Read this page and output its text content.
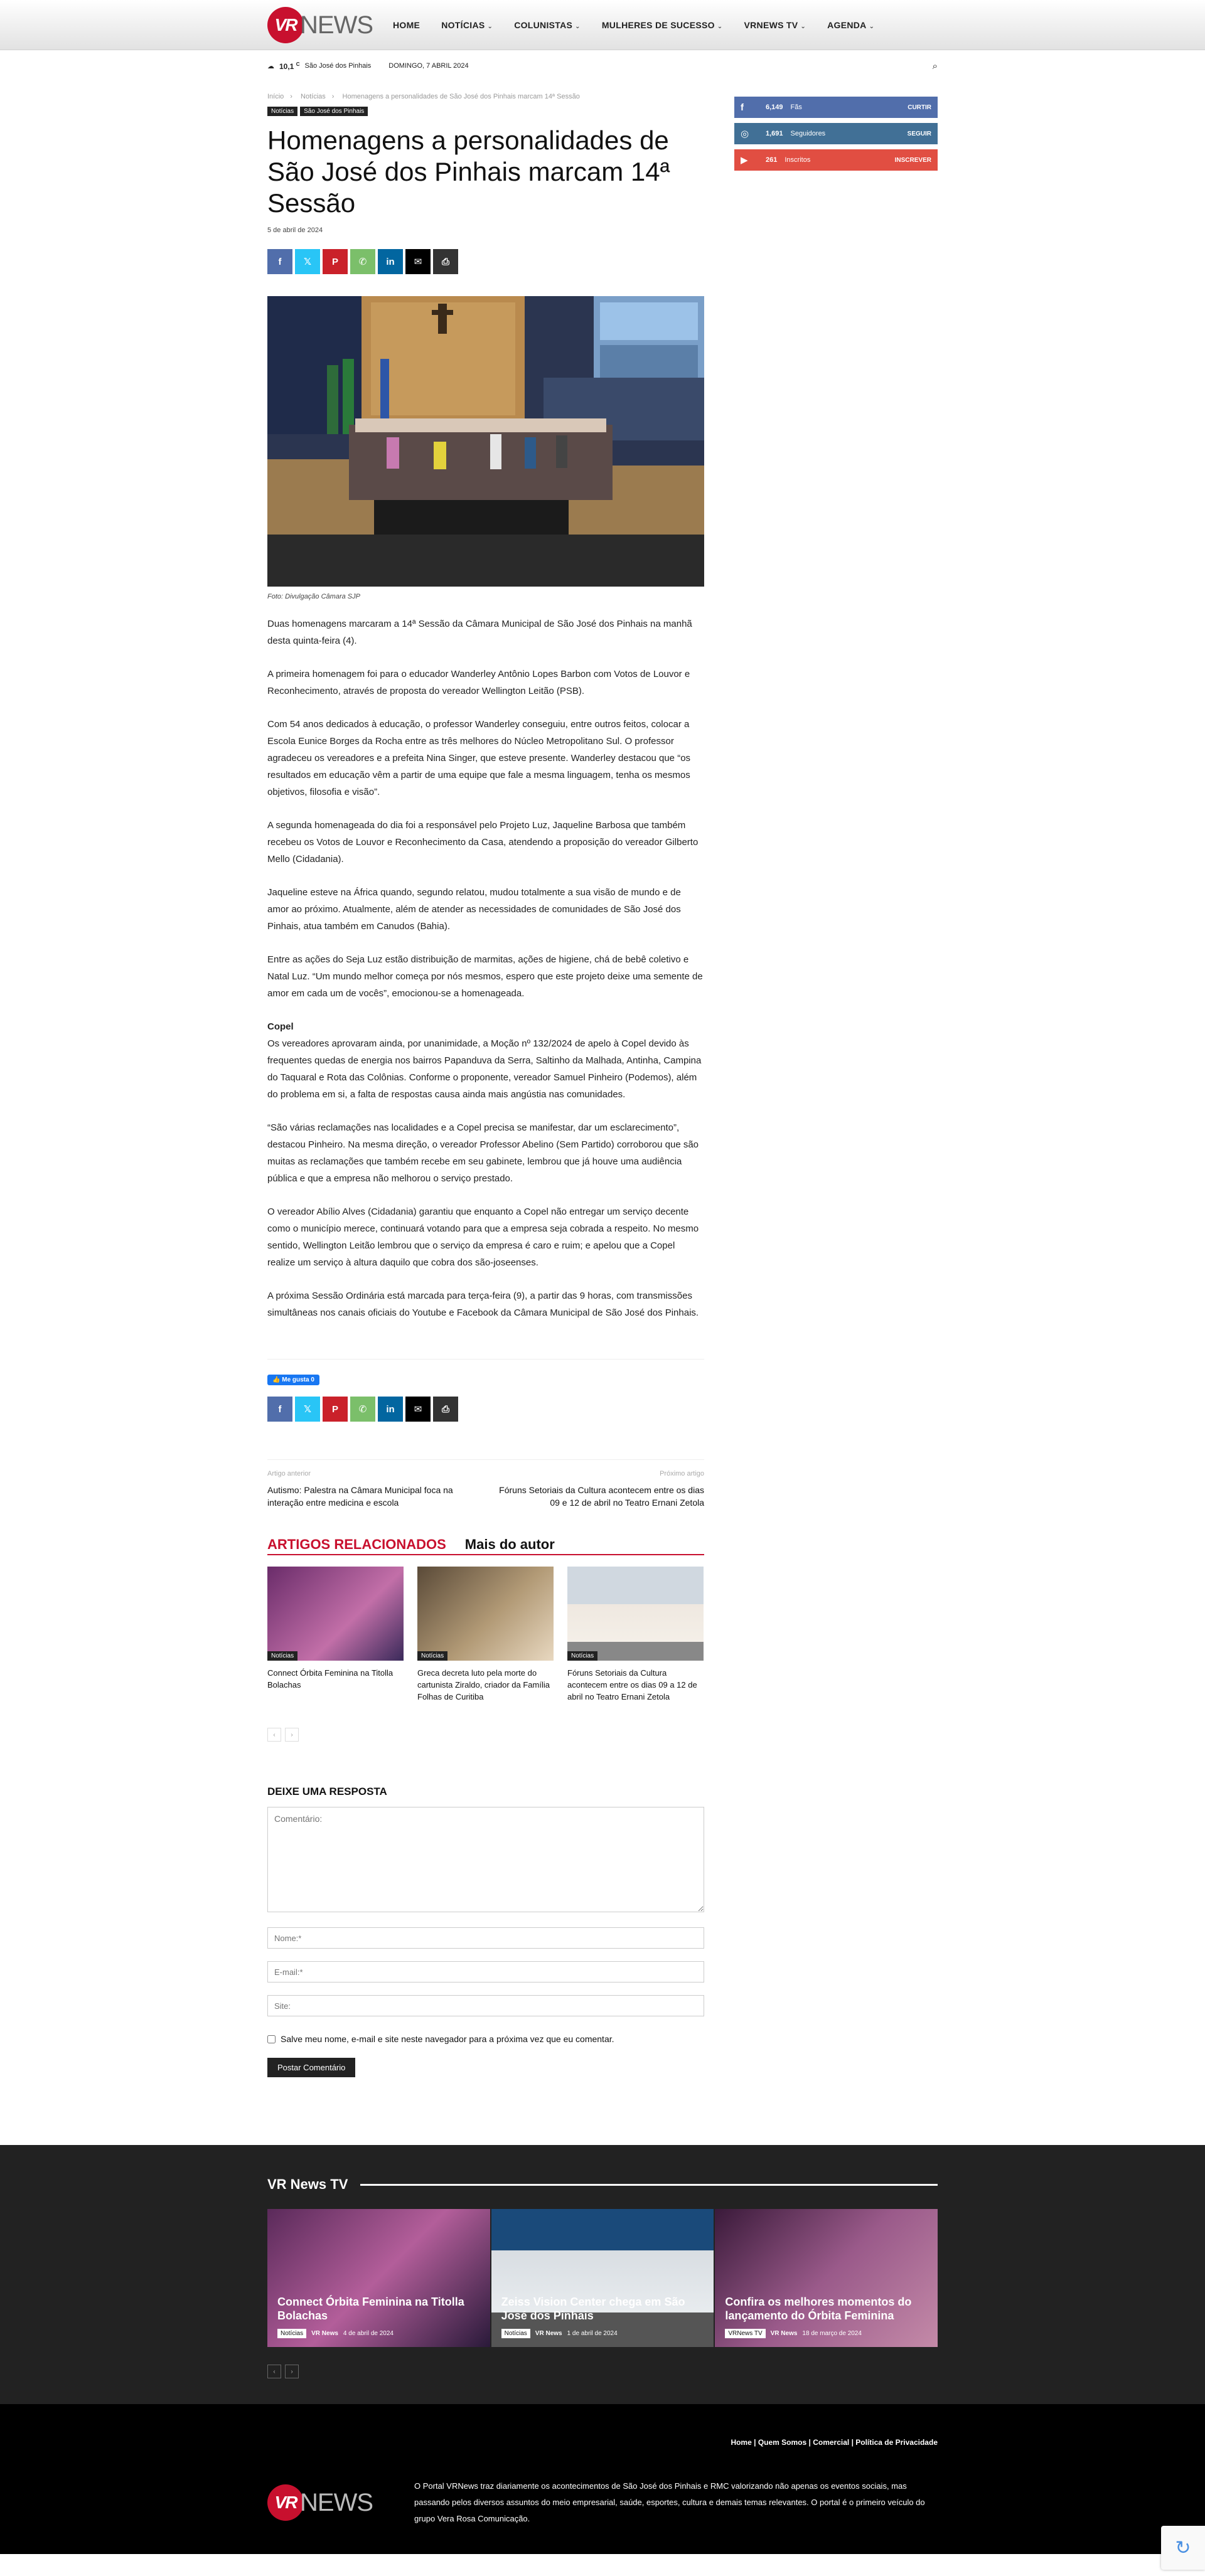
VR NEWS HOME NOTÍCIAS ⌄ COLUNISTAS ⌄ MULHERES DE SUCESSO ⌄ VRNEWS TV ⌄ AGENDA ⌄
☁ 10,1 $^C$ São José dos Pinhais	DOMINGO, 7 ABRIL 2024	⌕
Início › Notícias › Homenagens a personalidades de São José dos Pinhais marcam 14ª Sessão
Notícias	São José dos Pinhais
Homenagens a personalidades de São José dos Pinhais marcam 14ª Sessão
5 de abril de 2024
f	𝕏	P	✆	in	✉	⎙
Foto: Divulgação Câmara SJP

Duas homenagens marcaram a 14ª Sessão da Câmara Municipal de São José dos Pinhais na manhã desta quinta-feira (4).

A primeira homenagem foi para o educador Wanderley Antônio Lopes Barbon com Votos de Louvor e Reconhecimento, através de proposta do vereador Wellington Leitão (PSB).

Com 54 anos dedicados à educação, o professor Wanderley conseguiu, entre outros feitos, colocar a Escola Eunice Borges da Rocha entre as três melhores do Núcleo Metropolitano Sul. O professor agradeceu os vereadores e a prefeita Nina Singer, que esteve presente. Wanderley destacou que “os resultados em educação vêm a partir de uma equipe que fale a mesma linguagem, tenha os mesmos objetivos, filosofia e visão”.

A segunda homenageada do dia foi a responsável pelo Projeto Luz, Jaqueline Barbosa que também recebeu os Votos de Louvor e Reconhecimento da Casa, atendendo a proposição do vereador Gilberto Mello (Cidadania).

Jaqueline esteve na África quando, segundo relatou, mudou totalmente a sua visão de mundo e de amor ao próximo. Atualmente, além de atender as necessidades de comunidades de São José dos Pinhais, atua também em Canudos (Bahia).

Entre as ações do Seja Luz estão distribuição de marmitas, ações de higiene, chá de bebê coletivo e Natal Luz. “Um mundo melhor começa por nós mesmos, espero que este projeto deixe uma semente de amor em cada um de vocês”, emocionou-se a homenageada.

Copel

Os vereadores aprovaram ainda, por unanimidade, a Moção nº 132/2024 de apelo à Copel devido às frequentes quedas de energia nos bairros Papanduva da Serra, Saltinho da Malhada, Antinha, Campina do Taquaral e Rota das Colônias. Conforme o proponente, vereador Samuel Pinheiro (Podemos), além do problema em si, a falta de respostas causa ainda mais angústia nas comunidades.

“São várias reclamações nas localidades e a Copel precisa se manifestar, dar um esclarecimento”, destacou Pinheiro. Na mesma direção, o vereador Professor Abelino (Sem Partido) corroborou que são muitas as reclamações que também recebe em seu gabinete, lembrou que já houve uma audiência pública e que a empresa não melhorou o serviço prestado.

O vereador Abílio Alves (Cidadania) garantiu que enquanto a Copel não entregar um serviço decente como o município merece, continuará votando para que a empresa seja cobrada a respeito. No mesmo sentido, Wellington Leitão lembrou que o serviço da empresa é caro e ruim; e apelou que a Copel realize um serviço à altura daquilo que cobra dos são-joseenses.

A próxima Sessão Ordinária está marcada para terça-feira (9), a partir das 9 horas, com transmissões simultâneas nos canais oficiais do Youtube e Facebook da Câmara Municipal de São José dos Pinhais.

👍 Me gusta 0
f	𝕏	P	✆	in	✉	⎙
Artigo anterior
Autismo: Palestra na Câmara Municipal foca na interação entre medicina e escola
Próximo artigo
Fóruns Setoriais da Cultura acontecem entre os dias 09 e 12 de abril no Teatro Ernani Zetola
ARTIGOS RELACIONADOS Mais do autor
Notícias
Connect Órbita Feminina na Titolla Bolachas
Notícias
Greca decreta luto pela morte do cartunista Ziraldo, criador da Família Folhas de Curitiba
Notícias
Fóruns Setoriais da Cultura acontecem entre os dias 09 a 12 de abril no Teatro Ernani Zetola
‹	›
DEIXE UMA RESPOSTA
Comentário: Nome:* E-mail:* Site:
Salve meu nome, e-mail e site neste navegador para a próxima vez que eu comentar.
Postar Comentário
f	6,149 Fãs	CURTIR
◎	1,691 Seguidores	SEGUIR
▶	261 Inscritos	INSCREVER
VR News TV
Connect Órbita Feminina na Titolla Bolachas
Notícias	VR News 4 de abril de 2024
Zeiss Vision Center chega em São José dos Pinhais
Notícias	VR News 1 de abril de 2024
Confira os melhores momentos do lançamento do Órbita Feminina
VRNews TV	VR News 18 de março de 2024
‹	›
Home | Quem Somos | Comercial | Política de Privacidade
VR NEWS
O Portal VRNews traz diariamente os acontecimentos de São José dos Pinhais e RMC valorizando não apenas os eventos sociais, mas passando pelos diversos assuntos do meio empresarial, saúde, esportes, cultura e demais temas relevantes. O portal é o primeiro veículo do grupo Vera Rosa Comunicação.
↻
